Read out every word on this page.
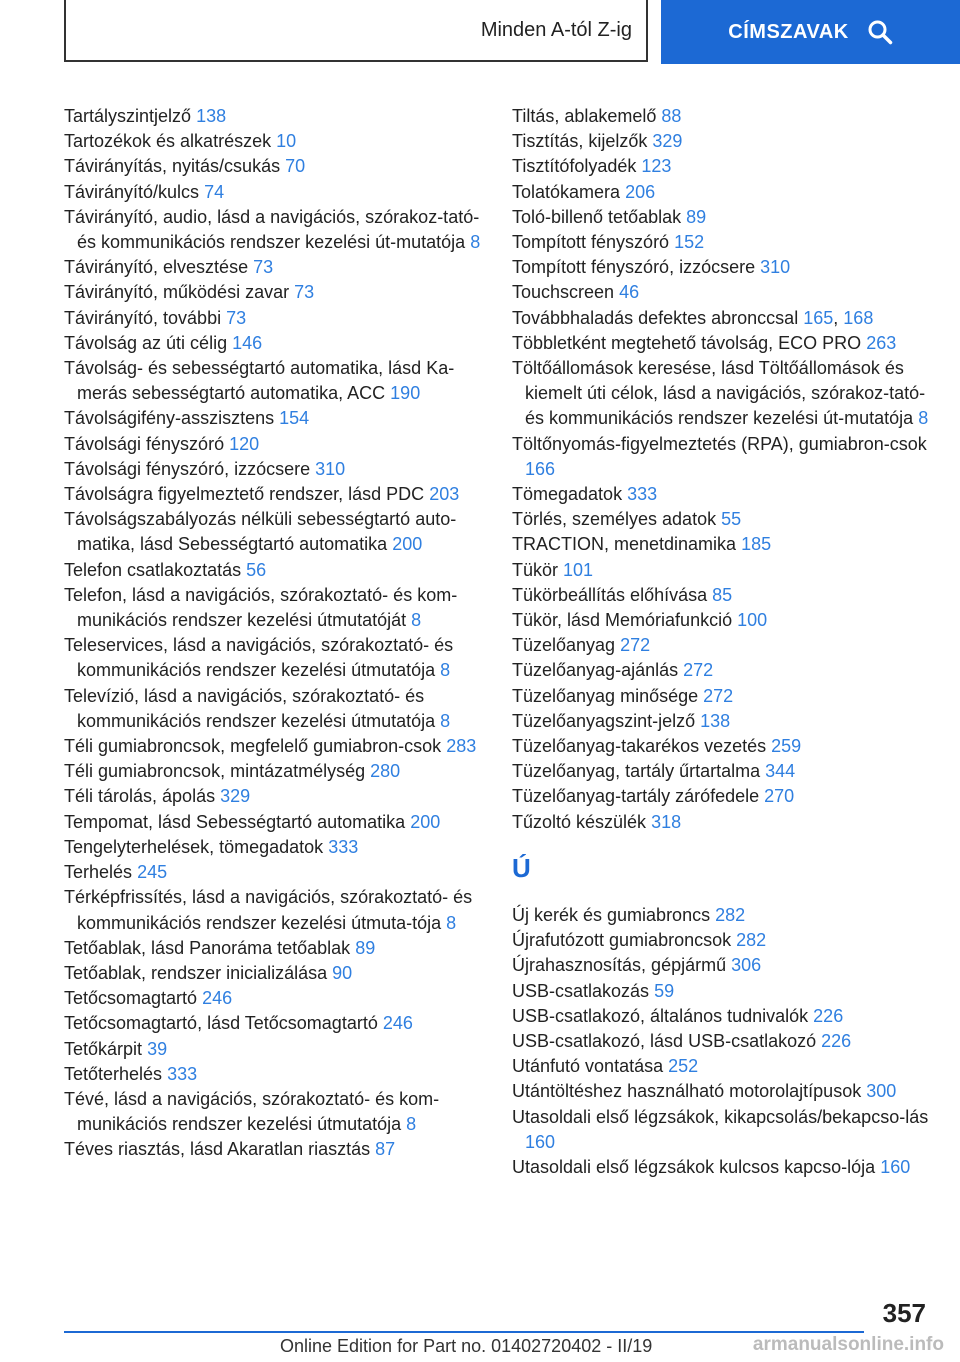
Minden A-tól Z-ig	CÍMSZAVAK
Tartályszintjelző 138
Tartozékok és alkatrészek 10
Távirányítás, nyitás/csukás 70
Távirányító/kulcs 74
Távirányító, audio, lásd a navigációs, szórakoz-tató- és kommunikációs rendszer kezelési út-mutatója 8
Távirányító, elvesztése 73
Távirányító, működési zavar 73
Távirányító, további 73
Távolság az úti célig 146
Távolság- és sebességtartó automatika, lásd Ka-merás sebességtartó automatika, ACC 190
Távolságifény-asszisztens 154
Távolsági fényszóró 120
Távolsági fényszóró, izzócsere 310
Távolságra figyelmeztető rendszer, lásd PDC 203
Távolságszabályozás nélküli sebességtartó auto-matika, lásd Sebességtartó automatika 200
Telefon csatlakoztatás 56
Telefon, lásd a navigációs, szórakoztató- és kom-munikációs rendszer kezelési útmutatóját 8
Teleservices, lásd a navigációs, szórakoztató- és kommunikációs rendszer kezelési útmutatója 8
Televízió, lásd a navigációs, szórakoztató- és kommunikációs rendszer kezelési útmutatója 8
Téli gumiabroncsok, megfelelő gumiabron-csok 283
Téli gumiabroncsok, mintázatmélység 280
Téli tárolás, ápolás 329
Tempomat, lásd Sebességtartó automatika 200
Tengelyterhelések, tömegadatok 333
Terhelés 245
Térképfrissítés, lásd a navigációs, szórakoztató- és kommunikációs rendszer kezelési útmuta-tója 8
Tetőablak, lásd Panoráma tetőablak 89
Tetőablak, rendszer inicializálása 90
Tetőcsomagtartó 246
Tetőcsomagtartó, lásd Tetőcsomagtartó 246
Tetőkárpit 39
Tetőterhelés 333
Tévé, lásd a navigációs, szórakoztató- és kom-munikációs rendszer kezelési útmutatója 8
Téves riasztás, lásd Akaratlan riasztás 87
Tiltás, ablakemelő 88
Tisztítás, kijelzők 329
Tisztítófolyadék 123
Tolatókamera 206
Toló-billenő tetőablak 89
Tompított fényszóró 152
Tompított fényszóró, izzócsere 310
Touchscreen 46
Továbbhaladás defektes abronccsal 165, 168
Többletként megtehető távolság, ECO PRO 263
Töltőállomások keresése, lásd Töltőállomások és kiemelt úti célok, lásd a navigációs, szórakoz-tató- és kommunikációs rendszer kezelési út-mutatója 8
Töltőnyomás-figyelmeztetés (RPA), gumiabron-csok 166
Tömegadatok 333
Törlés, személyes adatok 55
TRACTION, menetdinamika 185
Tükör 101
Tükörbeállítás előhívása 85
Tükör, lásd Memóriafunkció 100
Tüzelőanyag 272
Tüzelőanyag-ajánlás 272
Tüzelőanyag minősége 272
Tüzelőanyagszint-jelző 138
Tüzelőanyag-takarékos vezetés 259
Tüzelőanyag, tartály űrtartalma 344
Tüzelőanyag-tartály zárófedele 270
Tűzoltó készülék 318
Ú
Új kerék és gumiabroncs 282
Újrafutózott gumiabroncsok 282
Újrahasznosítás, gépjármű 306
USB-csatlakozás 59
USB-csatlakozó, általános tudnivalók 226
USB-csatlakozó, lásd USB-csatlakozó 226
Utánfutó vontatása 252
Utántöltéshez használható motorolajtípusok 300
Utasoldali első légzsákok, kikapcsolás/bekapcso-lás 160
Utasoldali első légzsákok kulcsos kapcso-lója 160
357
Online Edition for Part no. 01402720402 - II/19	armanualsonline.info
